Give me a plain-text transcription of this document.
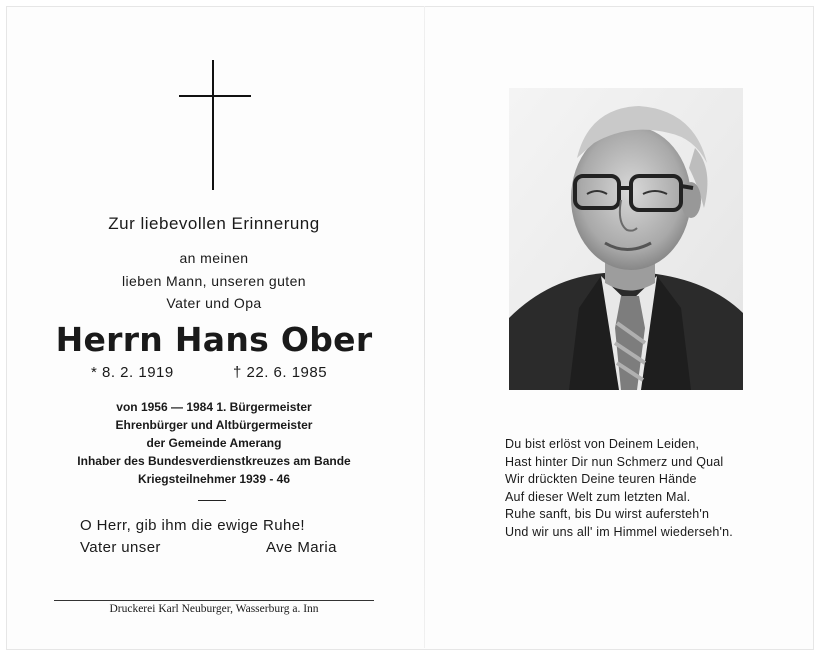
Zur liebevollen Erinnerung
an meinen
lieben Mann, unseren guten
Vater und Opa
Herrn Hans Ober
* 8. 2. 1919	† 22. 6. 1985
von 1956 — 1984 1. Bürgermeister
Ehrenbürger und Altbürgermeister
der Gemeinde Amerang
Inhaber des Bundesverdienstkreuzes am Bande
Kriegsteilnehmer 1939 - 46
O Herr, gib ihm die ewige Ruhe!
Vater unser	Ave Maria
Druckerei Karl Neuburger, Wasserburg a. Inn
Du bist erlöst von Deinem Leiden,
Hast hinter Dir nun Schmerz und Qual
Wir drückten Deine teuren Hände
Auf dieser Welt zum letzten Mal.
Ruhe sanft, bis Du wirst aufersteh'n
Und wir uns all' im Himmel wiederseh'n.
